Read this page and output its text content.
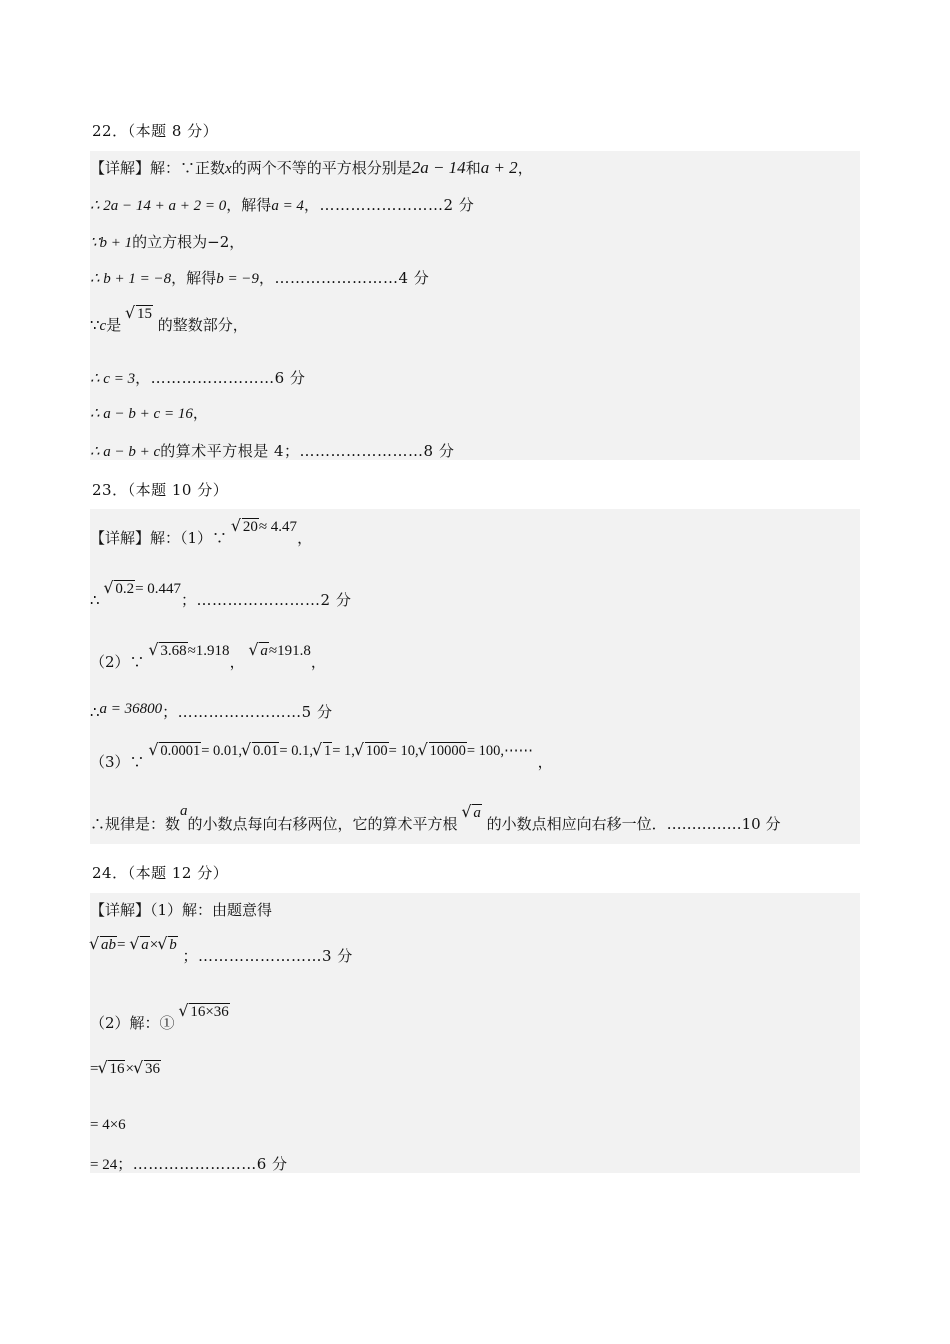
22．（本题 8 分）
【详解】解：∵正数x的两个不等的平方根分别是2a − 14和a + 2，
∴ 2a − 14 + a + 2 = 0，解得a = 4，……………………2 分
∵b + 1的立方根为−2，
∴ b + 1 = −8，解得b = −9，……………………4 分
∵c是 √ 15 的整数部分，
∴ c = 3，……………………6 分
∴ a − b + c = 16，
∴ a − b + c的算术平方根是 4；……………………8 分
23．（本题 10 分）
【详解】解：（1）∵ √ 20≈ 4.47，
∴ √ 0.2= 0.447；……………………2 分
（2）∵ √ 3.68≈1.918， √ a≈191.8，
∴a = 36800；……………………5 分
（3）∵ √ 0.0001= 0.01, √ 0.01= 0.1, √ 1= 1, √ 100= 10, √ 10000= 100,⋯⋯ ，
∴规律是：数a的小数点每向右移两位，它的算术平方根 √ a 的小数点相应向右移一位．……………10 分
24．（本题 12 分）
【详解】（1）解：由题意得
√ ab= √ a× √ b ；……………………3 分
（2）解：① √ 16×36
= √ 16× √ 36
= 4×6
= 24；……………………6 分
